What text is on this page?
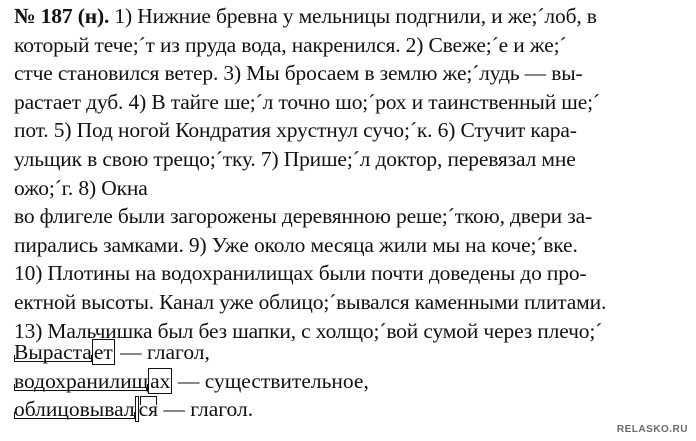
№ 187 (н). 1) Нижние бревна у мельницы подгнили, и же;´лоб, в
который тече;´т из пруда вода, накренился. 2) Свеже;´е и же;´
стче становился ветер. 3) Мы бросаем в землю же;´лудь — вы-
растает дуб. 4) В тайге ше;´л точно шо;´рох и таинственный ше;´
пот. 5) Под ногой Кондратия хрустнул сучо;´к. 6) Стучит кара-
ульщик в свою трещо;´тку. 7) Прише;´л доктор, перевязал мне
ожо;´г. 8) Окна
во флигеле были загорожены деревянною реше;´ткою, двери за-
пирались замками. 9) Уже около месяца жили мы на коче;´вке.
10) Плотины на водохранилищах были почти доведены до про-
ектной высоты. Канал уже облицо;´вывался каменными плитами.
13) Мальчишка был без шапки, с холщо;´вой сумой через плечо;´
Вырастает — глагол,
водохранилищах — существительное,
облицовывал ся — глагол.
RELASKO.RU
